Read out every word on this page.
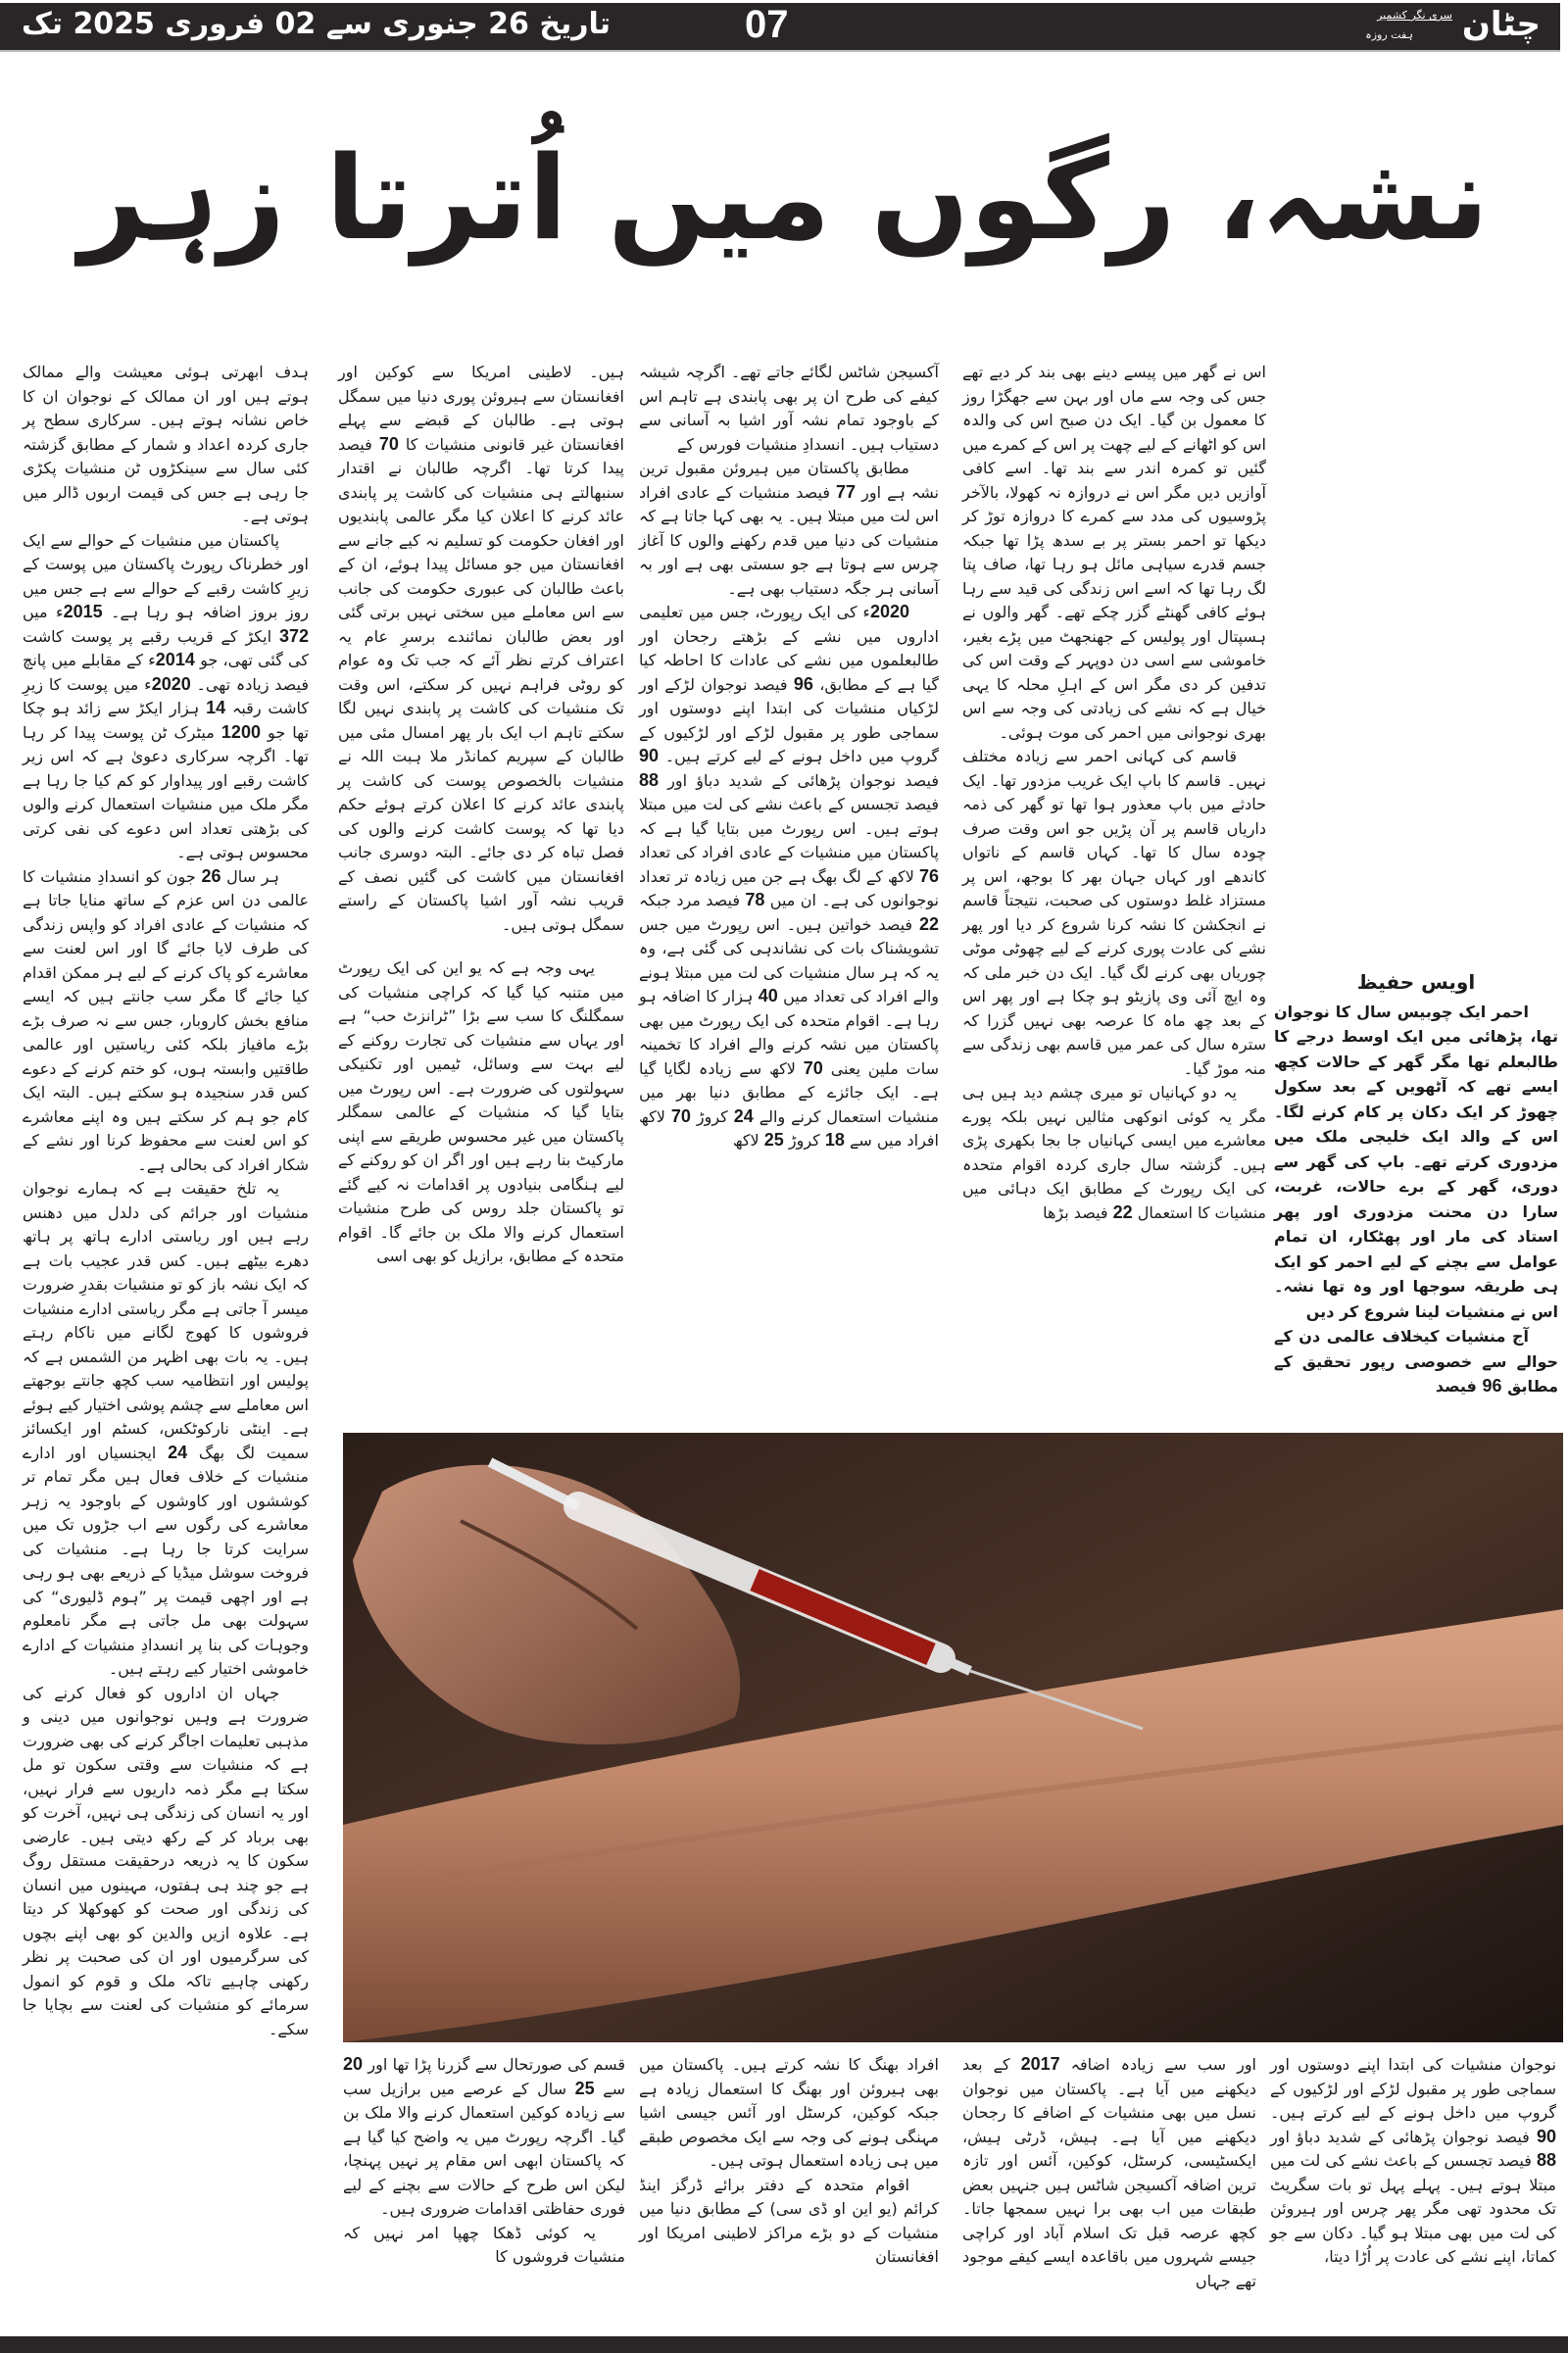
تاریخ 26 جنوری سے 02 فروری 2025 تک	07	چٹان
سری نگر کشمیر
ہفت روزہ
نشہ، رگوں میں اُترتا زہر

ہدف ابھرتی ہوئی معیشت والے ممالک ہوتے ہیں اور ان ممالک کے نوجوان ان کا خاص نشانہ ہوتے ہیں۔ سرکاری سطح پر جاری کردہ اعداد و شمار کے مطابق گزشتہ کئی سال سے سینکڑوں ٹن منشیات پکڑی جا رہی ہے جس کی قیمت اربوں ڈالر میں ہوتی ہے۔

پاکستان میں منشیات کے حوالے سے ایک اور خطرناک رپورٹ پاکستان میں پوست کے زیرِ کاشت رقبے کے حوالے سے ہے جس میں روز بروز اضافہ ہو رہا ہے۔ 2015ء میں 372 ایکڑ کے قریب رقبے پر پوست کاشت کی گئی تھی، جو 2014ء کے مقابلے میں پانچ فیصد زیادہ تھی۔ 2020ء میں پوست کا زیرِ کاشت رقبہ 14 ہزار ایکڑ سے زائد ہو چکا تھا جو 1200 میٹرک ٹن پوست پیدا کر رہا تھا۔ اگرچہ سرکاری دعویٰ ہے کہ اس زیر کاشت رقبے اور پیداوار کو کم کیا جا رہا ہے مگر ملک میں منشیات استعمال کرنے والوں کی بڑھتی تعداد اس دعوے کی نفی کرتی محسوس ہوتی ہے۔

ہر سال 26 جون کو انسدادِ منشیات کا عالمی دن اس عزم کے ساتھ منایا جاتا ہے کہ منشیات کے عادی افراد کو واپس زندگی کی طرف لایا جائے گا اور اس لعنت سے معاشرے کو پاک کرنے کے لیے ہر ممکن اقدام کیا جائے گا مگر سب جانتے ہیں کہ ایسے منافع بخش کاروبار، جس سے نہ صرف بڑے بڑے مافیاز بلکہ کئی ریاستیں اور عالمی طاقتیں وابستہ ہوں، کو ختم کرنے کے دعوے کس قدر سنجیدہ ہو سکتے ہیں۔ البتہ ایک کام جو ہم کر سکتے ہیں وہ اپنے معاشرے کو اس لعنت سے محفوظ کرنا اور نشے کے شکار افراد کی بحالی ہے۔

یہ تلخ حقیقت ہے کہ ہمارے نوجوان منشیات اور جرائم کی دلدل میں دھنس رہے ہیں اور ریاستی ادارے ہاتھ پر ہاتھ دھرے بیٹھے ہیں۔ کس قدر عجیب بات ہے کہ ایک نشہ باز کو تو منشیات بقدرِ ضرورت میسر آ جاتی ہے مگر ریاستی ادارے منشیات فروشوں کا کھوج لگانے میں ناکام رہتے ہیں۔ یہ بات بھی اظہر من الشمس ہے کہ پولیس اور انتظامیہ سب کچھ جانتے بوجھتے اس معاملے سے چشم پوشی اختیار کیے ہوئے ہے۔ اینٹی نارکوٹکس، کسٹم اور ایکسائز سمیت لگ بھگ 24 ایجنسیاں اور ادارے منشیات کے خلاف فعال ہیں مگر تمام تر کوششوں اور کاوشوں کے باوجود یہ زہر معاشرے کی رگوں سے اب جڑوں تک میں سرایت کرتا جا رہا ہے۔ منشیات کی فروخت سوشل میڈیا کے ذریعے بھی ہو رہی ہے اور اچھی قیمت پر ”ہوم ڈلیوری“ کی سہولت بھی مل جاتی ہے مگر نامعلوم وجوہات کی بنا پر انسدادِ منشیات کے ادارے خاموشی اختیار کیے رہتے ہیں۔

جہاں ان اداروں کو فعال کرنے کی ضرورت ہے وہیں نوجوانوں میں دینی و مذہبی تعلیمات اجاگر کرنے کی بھی ضرورت ہے کہ منشیات سے وقتی سکون تو مل سکتا ہے مگر ذمہ داریوں سے فرار نہیں، اور یہ انسان کی زندگی ہی نہیں، آخرت کو بھی برباد کر کے رکھ دیتی ہیں۔ عارضی سکون کا یہ ذریعہ درحقیقت مستقل روگ ہے جو چند ہی ہفتوں، مہینوں میں انسان کی زندگی اور صحت کو کھوکھلا کر دیتا ہے۔ علاوہ ازیں والدین کو بھی اپنے بچوں کی سرگرمیوں اور ان کی صحبت پر نظر رکھنی چاہیے تاکہ ملک و قوم کو انمول سرمائے کو منشیات کی لعنت سے بچایا جا سکے۔

ہیں۔ لاطینی امریکا سے کوکین اور افغانستان سے ہیروئن پوری دنیا میں سمگل ہوتی ہے۔ طالبان کے قبضے سے پہلے افغانستان غیر قانونی منشیات کا 70 فیصد پیدا کرتا تھا۔ اگرچہ طالبان نے اقتدار سنبھالتے ہی منشیات کی کاشت پر پابندی عائد کرنے کا اعلان کیا مگر عالمی پابندیوں اور افغان حکومت کو تسلیم نہ کیے جانے سے افغانستان میں جو مسائل پیدا ہوئے، ان کے باعث طالبان کی عبوری حکومت کی جانب سے اس معاملے میں سختی نہیں برتی گئی اور بعض طالبان نمائندے برسرِ عام یہ اعتراف کرتے نظر آئے کہ جب تک وہ عوام کو روٹی فراہم نہیں کر سکتے، اس وقت تک منشیات کی کاشت پر پابندی نہیں لگا سکتے تاہم اب ایک بار پھر امسال مئی میں طالبان کے سپریم کمانڈر ملا ہبت اللہ نے منشیات بالخصوص پوست کی کاشت پر پابندی عائد کرنے کا اعلان کرتے ہوئے حکم دیا تھا کہ پوست کاشت کرنے والوں کی فصل تباہ کر دی جائے۔ البتہ دوسری جانب افغانستان میں کاشت کی گئیں نصف کے قریب نشہ آور اشیا پاکستان کے راستے سمگل ہوتی ہیں۔

یہی وجہ ہے کہ یو این کی ایک رپورٹ میں متنبہ کیا گیا کہ کراچی منشیات کی سمگلنگ کا سب سے بڑا ”ٹرانزٹ حب“ ہے اور یہاں سے منشیات کی تجارت روکنے کے لیے بہت سے وسائل، ٹیمیں اور تکنیکی سہولتوں کی ضرورت ہے۔ اس رپورٹ میں بتایا گیا کہ منشیات کے عالمی سمگلر پاکستان میں غیر محسوس طریقے سے اپنی مارکیٹ بنا رہے ہیں اور اگر ان کو روکنے کے لیے ہنگامی بنیادوں پر اقدامات نہ کیے گئے تو پاکستان جلد روس کی طرح منشیات استعمال کرنے والا ملک بن جائے گا۔ اقوام متحدہ کے مطابق، برازیل کو بھی اسی

آکسیجن شاٹس لگائے جاتے تھے۔ اگرچہ شیشہ کیفے کی طرح ان پر بھی پابندی ہے تاہم اس کے باوجود تمام نشہ آور اشیا بہ آسانی سے دستیاب ہیں۔ انسدادِ منشیات فورس کے

مطابق پاکستان میں ہیروئن مقبول ترین نشہ ہے اور 77 فیصد منشیات کے عادی افراد اس لت میں مبتلا ہیں۔ یہ بھی کہا جاتا ہے کہ منشیات کی دنیا میں قدم رکھنے والوں کا آغاز چرس سے ہوتا ہے جو سستی بھی ہے اور بہ آسانی ہر جگہ دستیاب بھی ہے۔

2020ء کی ایک رپورٹ، جس میں تعلیمی اداروں میں نشے کے بڑھتے رجحان اور طالبعلموں میں نشے کی عادات کا احاطہ کیا گیا ہے کے مطابق، 96 فیصد نوجوان لڑکے اور لڑکیاں منشیات کی ابتدا اپنے دوستوں اور سماجی طور پر مقبول لڑکے اور لڑکیوں کے گروپ میں داخل ہونے کے لیے کرتے ہیں۔ 90 فیصد نوجوان پڑھائی کے شدید دباؤ اور 88 فیصد تجسس کے باعث نشے کی لت میں مبتلا ہوتے ہیں۔ اس رپورٹ میں بتایا گیا ہے کہ پاکستان میں منشیات کے عادی افراد کی تعداد 76 لاکھ کے لگ بھگ ہے جن میں زیادہ تر تعداد نوجوانوں کی ہے۔ ان میں 78 فیصد مرد جبکہ 22 فیصد خواتین ہیں۔ اس رپورٹ میں جس تشویشناک بات کی نشاندہی کی گئی ہے، وہ یہ کہ ہر سال منشیات کی لت میں مبتلا ہونے والے افراد کی تعداد میں 40 ہزار کا اضافہ ہو رہا ہے۔ اقوام متحدہ کی ایک رپورٹ میں بھی پاکستان میں نشہ کرنے والے افراد کا تخمینہ سات ملین یعنی 70 لاکھ سے زیادہ لگایا گیا ہے۔ ایک جائزے کے مطابق دنیا بھر میں منشیات استعمال کرنے والے 24 کروڑ 70 لاکھ افراد میں سے 18 کروڑ 25 لاکھ

اس نے گھر میں پیسے دینے بھی بند کر دیے تھے جس کی وجہ سے ماں اور بہن سے جھگڑا روز کا معمول بن گیا۔ ایک دن صبح اس کی والدہ اس کو اٹھانے کے لیے چھت پر اس کے کمرے میں گئیں تو کمرہ اندر سے بند تھا۔ اسے کافی آوازیں دیں مگر اس نے دروازہ نہ کھولا، بالآخر پڑوسیوں کی مدد سے کمرے کا دروازہ توڑ کر دیکھا تو احمر بستر پر بے سدھ پڑا تھا جبکہ جسم قدرے سیاہی مائل ہو رہا تھا، صاف پتا لگ رہا تھا کہ اسے اس زندگی کی قید سے رہا ہوئے کافی گھنٹے گزر چکے تھے۔ گھر والوں نے ہسپتال اور پولیس کے جھنجھٹ میں پڑے بغیر، خاموشی سے اسی دن دوپہر کے وقت اس کی تدفین کر دی مگر اس کے اہلِ محلہ کا یہی خیال ہے کہ نشے کی زیادتی کی وجہ سے اس بھری نوجوانی میں احمر کی موت ہوئی۔

قاسم کی کہانی احمر سے زیادہ مختلف نہیں۔ قاسم کا باپ ایک غریب مزدور تھا۔ ایک حادثے میں باپ معذور ہوا تھا تو گھر کی ذمہ داریاں قاسم پر آن پڑیں جو اس وقت صرف چودہ سال کا تھا۔ کہاں قاسم کے ناتواں کاندھے اور کہاں جہان بھر کا بوجھ، اس پر مستزاد غلط دوستوں کی صحبت، نتیجتاً قاسم نے انجکشن کا نشہ کرنا شروع کر دیا اور پھر نشے کی عادت پوری کرنے کے لیے چھوٹی موٹی چوریاں بھی کرنے لگ گیا۔ ایک دن خبر ملی کہ وہ ایچ آئی وی پازیٹو ہو چکا ہے اور پھر اس کے بعد چھ ماہ کا عرصہ بھی نہیں گزرا کہ سترہ سال کی عمر میں قاسم بھی زندگی سے منہ موڑ گیا۔

یہ دو کہانیاں تو میری چشم دید ہیں ہی مگر یہ کوئی انوکھی مثالیں نہیں بلکہ پورے معاشرے میں ایسی کہانیاں جا بجا بکھری پڑی ہیں۔ گزشتہ سال جاری کردہ اقوام متحدہ کی ایک رپورٹ کے مطابق ایک دہائی میں منشیات کا استعمال 22 فیصد بڑھا

اویس حفیظ

احمر ایک چوبیس سال کا نوجوان تھا، پڑھائی میں ایک اوسط درجے کا طالبعلم تھا مگر گھر کے حالات کچھ ایسے تھے کہ آٹھویں کے بعد سکول چھوڑ کر ایک دکان پر کام کرنے لگا۔ اس کے والد ایک خلیجی ملک میں مزدوری کرتے تھے۔ باپ کی گھر سے دوری، گھر کے برے حالات، غربت، سارا دن محنت مزدوری اور پھر استاد کی مار اور پھٹکار، ان تمام عوامل سے بچنے کے لیے احمر کو ایک ہی طریقہ سوجھا اور وہ تھا نشہ۔ اس نے منشیات لینا شروع کر دیں

آج منشیات کیخلاف عالمی دن کے حوالے سے خصوصی رپور تحقیق کے مطابق 96 فیصد

قسم کی صورتحال سے گزرنا پڑا تھا اور 20 سے 25 سال کے عرصے میں برازیل سب سے زیادہ کوکین استعمال کرنے والا ملک بن گیا۔ اگرچہ رپورٹ میں یہ واضح کیا گیا ہے کہ پاکستان ابھی اس مقام پر نہیں پہنچا، لیکن اس طرح کے حالات سے بچنے کے لیے فوری حفاظتی اقدامات ضروری ہیں۔

یہ کوئی ڈھکا چھپا امر نہیں کہ منشیات فروشوں کا

افراد بھنگ کا نشہ کرتے ہیں۔ پاکستان میں بھی ہیروئن اور بھنگ کا استعمال زیادہ ہے جبکہ کوکین، کرسٹل اور آئس جیسی اشیا مہنگی ہونے کی وجہ سے ایک مخصوص طبقے میں ہی زیادہ استعمال ہوتی ہیں۔

اقوام متحدہ کے دفتر برائے ڈرگز اینڈ کرائم (یو این او ڈی سی) کے مطابق دنیا میں منشیات کے دو بڑے مراکز لاطینی امریکا اور افغانستان

اور سب سے زیادہ اضافہ 2017 کے بعد دیکھنے میں آیا ہے۔ پاکستان میں نوجوان نسل میں بھی منشیات کے اضافے کا رجحان دیکھنے میں آیا ہے۔ ہیش، ڈرٹی ہیش، ایکسٹیسی، کرسٹل، کوکین، آئس اور تازہ ترین اضافہ آکسیجن شاٹس ہیں جنہیں بعض طبقات میں اب بھی برا نہیں سمجھا جاتا۔ کچھ عرصہ قبل تک اسلام آباد اور کراچی جیسے شہروں میں باقاعدہ ایسے کیفے موجود تھے جہاں

نوجوان منشیات کی ابتدا اپنے دوستوں اور سماجی طور پر مقبول لڑکے اور لڑکیوں کے گروپ میں داخل ہونے کے لیے کرتے ہیں۔ 90 فیصد نوجوان پڑھائی کے شدید دباؤ اور 88 فیصد تجسس کے باعث نشے کی لت میں مبتلا ہوتے ہیں۔ پہلے پہل تو بات سگریٹ تک محدود تھی مگر پھر چرس اور ہیروئن کی لت میں بھی مبتلا ہو گیا۔ دکان سے جو کماتا، اپنے نشے کی عادت پر اُڑا دیتا،
